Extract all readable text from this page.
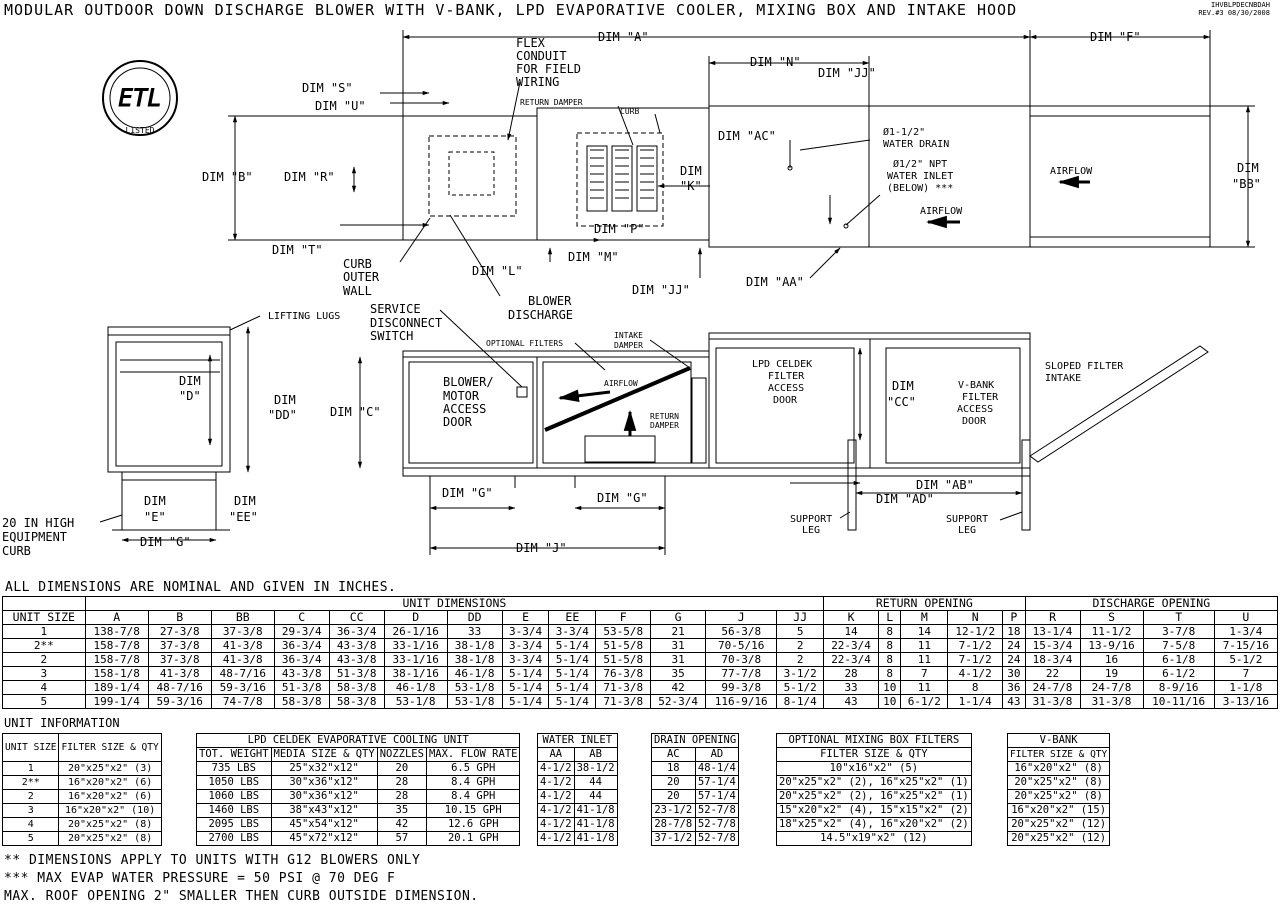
MODULAR OUTDOOR DOWN DISCHARGE BLOWER WITH V-BANK, LPD EVAPORATIVE COOLER, MIXING BOX AND INTAKE HOOD	IHVBLPDECNBDAH
REV.#3 08/30/2008
ETL
LISTED
DIM "A"	DIM "F"
FLEX
CONDUIT
FOR FIELD
WIRING
DIM "N"
DIM "JJ"
DIM "S"
DIM "U"	RETURN DAMPER
CURB
DIM "AC"	Ø1-1/2"
WATER DRAIN
Ø1/2" NPT
WATER INLET
(BELOW) ***
AIRFLOW
AIRFLOW
DIM "B"	DIM "R"	DIM
"K"
DIM
"BB"
DIM "T"
DIM "P"
CURB
OUTER
WALL
DIM "L"
DIM "M"
DIM "JJ"
DIM "AA"
BLOWER
DISCHARGE
LIFTING LUGS
SERVICE
DISCONNECT
SWITCH
OPTIONAL FILTERS
INTAKE
DAMPER
LPD CELDEK
FILTER
ACCESS
DOOR
SLOPED FILTER
INTAKE
DIM
"D"	DIM
"DD"
BLOWER/
MOTOR
ACCESS
DOOR
DIM "C"
AIRFLOW
RETURN
DAMPER
DIM
"CC"
V-BANK
FILTER
ACCESS
DOOR
DIM
"E"
DIM
"EE"
DIM "G"
DIM "G"	DIM "G"
DIM "J"
DIM "AB"
DIM "AD"
SUPPORT
LEG
SUPPORT
LEG
20 IN HIGH
EQUIPMENT
CURB
ALL DIMENSIONS ARE NOMINAL AND GIVEN IN INCHES.
	UNIT DIMENSIONS													RETURN OPENING					DISCHARGE OPENING			
UNIT SIZE	A	B	BB	C	CC	D	DD	E	EE	F	G	J	JJ	K	L	M	N	P	R	S	T	U
1	138-7/8	27-3/8	37-3/8	29-3/4	36-3/4	26-1/16	33	3-3/4	3-3/4	53-5/8	21	56-3/8	5	14	8	14	12-1/2	18	13-1/4	11-1/2	3-7/8	1-3/4
2**	158-7/8	37-3/8	41-3/8	36-3/4	43-3/8	33-1/16	38-1/8	3-3/4	5-1/4	51-5/8	31	70-5/16	2	22-3/4	8	11	7-1/2	24	15-3/4	13-9/16	7-5/8	7-15/16
2	158-7/8	37-3/8	41-3/8	36-3/4	43-3/8	33-1/16	38-1/8	3-3/4	5-1/4	51-5/8	31	70-3/8	2	22-3/4	8	11	7-1/2	24	18-3/4	16	6-1/8	5-1/2
3	158-1/8	41-3/8	48-7/16	43-3/8	51-3/8	38-1/16	46-1/8	5-1/4	5-1/4	76-3/8	35	77-7/8	3-1/2	28	8	7	4-1/2	30	22	19	6-1/2	7
4	189-1/4	48-7/16	59-3/16	51-3/8	58-3/8	46-1/8	53-1/8	5-1/4	5-1/4	71-3/8	42	99-3/8	5-1/2	33	10	11	8	36	24-7/8	24-7/8	8-9/16	1-1/8
5	199-1/4	59-3/16	74-7/8	58-3/8	58-3/8	53-1/8	53-1/8	5-1/4	5-1/4	71-3/8	52-3/4	116-9/16	8-1/4	43	10	6-1/2	1-1/4	43	31-3/8	31-3/8	10-11/16	3-13/16
UNIT INFORMATION
UNIT SIZE	FILTER SIZE & QTY
1	20"x25"x2" (3)
2**	16"x20"x2" (6)
2	16"x20"x2" (6)
3	16"x20"x2" (10)
4	20"x25"x2" (8)
5	20"x25"x2" (8)
LPD CELDEK EVAPORATIVE COOLING UNIT			
TOT. WEIGHT	MEDIA SIZE & QTY	NOZZLES	MAX. FLOW RATE
735 LBS	25"x32"x12"	20	6.5 GPH
1050 LBS	30"x36"x12"	28	8.4 GPH
1060 LBS	30"x36"x12"	28	8.4 GPH
1460 LBS	38"x43"x12"	35	10.15 GPH
2095 LBS	45"x54"x12"	42	12.6 GPH
2700 LBS	45"x72"x12"	57	20.1 GPH
WATER INLET	
AA	AB
4-1/2	38-1/2
4-1/2	44
4-1/2	44
4-1/2	41-1/8
4-1/2	41-1/8
4-1/2	41-1/8
DRAIN OPENING	
AC	AD
18	48-1/4
20	57-1/4
20	57-1/4
23-1/2	52-7/8
28-7/8	52-7/8
37-1/2	52-7/8
OPTIONAL MIXING BOX FILTERS
FILTER SIZE & QTY
10"x16"x2" (5)
20"x25"x2" (2), 16"x25"x2" (1)
20"x25"x2" (2), 16"x25"x2" (1)
15"x20"x2" (4), 15"x15"x2" (2)
18"x25"x2" (4), 16"x20"x2" (2)
14.5"x19"x2" (12)
V-BANK
FILTER SIZE & QTY
16"x20"x2" (8)
20"x25"x2" (8)
20"x25"x2" (8)
16"x20"x2" (15)
20"x25"x2" (12)
20"x25"x2" (12)
** DIMENSIONS APPLY TO UNITS WITH G12 BLOWERS ONLY
*** MAX EVAP WATER PRESSURE = 50 PSI @ 70 DEG F
MAX. ROOF OPENING 2" SMALLER THEN CURB OUTSIDE DIMENSION.
